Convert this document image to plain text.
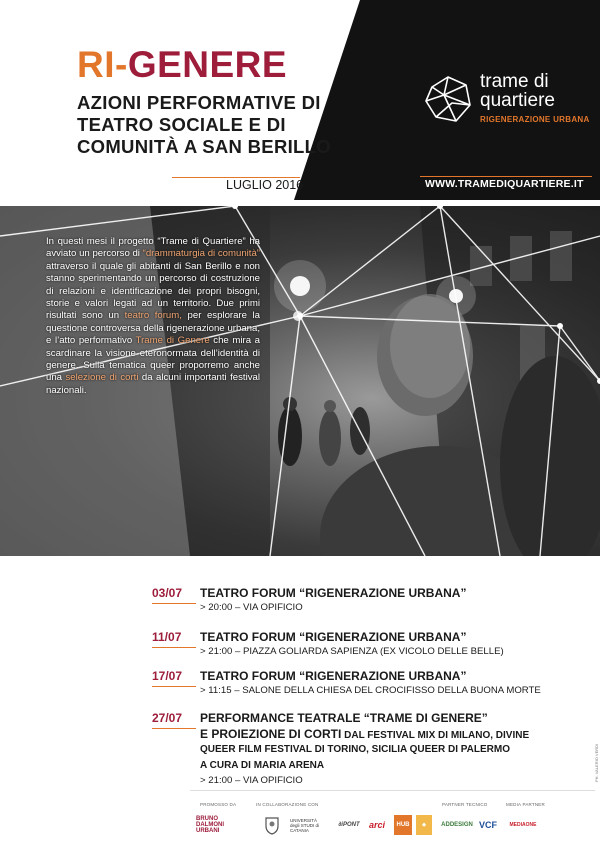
RI-GENERE
AZIONI PERFORMATIVE DI
TEATRO SOCIALE E DI
COMUNITÀ A SAN BERILLO
LUGLIO 2016
trame di
quartiere
RIGENERAZIONE URBANA
WWW.TRAMEDIQUARTIERE.IT
In questi mesi il progetto “Trame di Quartiere” ha avviato un percorso di “drammaturgia di comunità” attraverso il quale gli abitanti di San Berillo e non stanno sperimentando un percorso di costruzione di relazioni e identificazione dei propri bisogni, storie e valori legati ad un territorio. Due primi risultati sono un teatro forum, per esplorare la questione controversa della rigenerazione urbana, e l’atto performativo Trame di Genere che mira a scardinare la visione eteronormata dell’identità di genere. Sulla tematica queer proporremo anche una selezione di corti da alcuni importanti festival nazionali.
03/07 TEATRO FORUM “RIGENERAZIONE URBANA”
> 20:00 – VIA OPIFICIO
11/07 TEATRO FORUM “RIGENERAZIONE URBANA”
> 21:00 – PIAZZA GOLIARDA SAPIENZA (EX VICOLO DELLE BELLE)
17/07 TEATRO FORUM “RIGENERAZIONE URBANA”
> 11:15 – SALONE DELLA CHIESA DEL CROCIFISSO DELLA BUONA MORTE
27/07 PERFORMANCE TEATRALE “TRAME DI GENERE”
E PROIEZIONE DI CORTI DAL FESTIVAL MIX DI MILANO, DIVINE
QUEER FILM FESTIVAL DI TORINO, SICILIA QUEER DI PALERMO
A CURA DI MARIA ARENA
> 21:00 – VIA OPIFICIO
PROMOSSO DA	IN COLLABORAZIONE CON	PARTNER TECNICO	MEDIA PARTNER
BRUNO DALMONI URBANI
UNIVERSITÀ degli STUDI di CATANIA
∂iPONT	arci	HUB	◆	ADDESIGN VCF	MEDIAONE
PH. VALERIO VERDI
